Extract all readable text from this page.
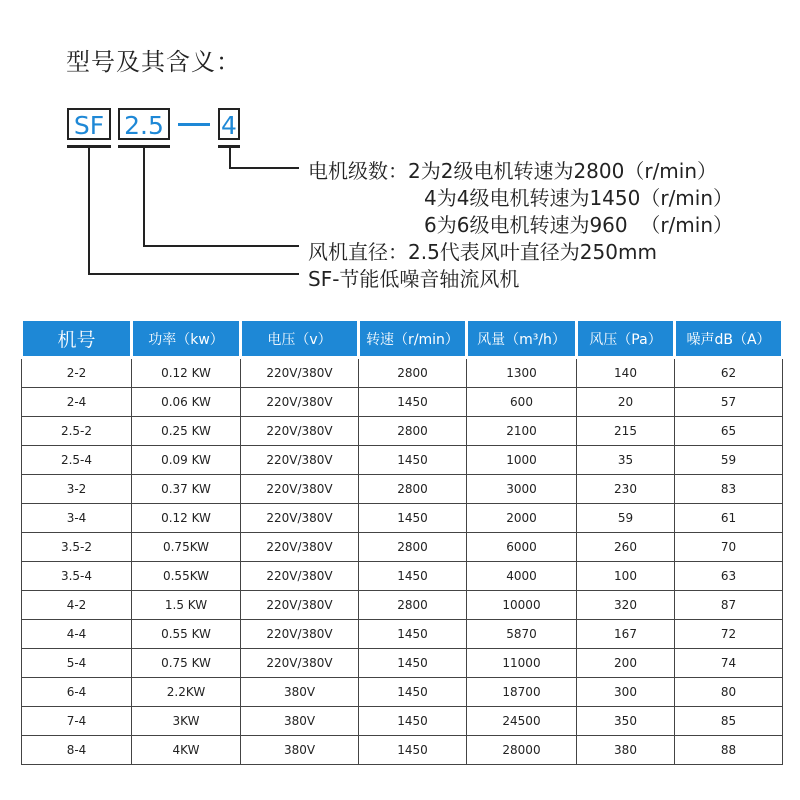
型号及其含义：
SF 2.5 4
电机级数：2为2级电机转速为2800（r/min）
4为4级电机转速为1450（r/min）
6为6级电机转速为960  （r/min）
风机直径：2.5代表风叶直径为250mm
SF-节能低噪音轴流风机
机号	功率（kw）	电压（v）	转速（r/min）	风量（m³/h）	风压（Pa）	噪声dB（A）
2-2	0.12 KW	220V/380V	2800	1300	140	62
2-4	0.06 KW	220V/380V	1450	600	20	57
2.5-2	0.25 KW	220V/380V	2800	2100	215	65
2.5-4	0.09 KW	220V/380V	1450	1000	35	59
3-2	0.37 KW	220V/380V	2800	3000	230	83
3-4	0.12 KW	220V/380V	1450	2000	59	61
3.5-2	0.75KW	220V/380V	2800	6000	260	70
3.5-4	0.55KW	220V/380V	1450	4000	100	63
4-2	1.5 KW	220V/380V	2800	10000	320	87
4-4	0.55 KW	220V/380V	1450	5870	167	72
5-4	0.75 KW	220V/380V	1450	11000	200	74
6-4	2.2KW	380V	1450	18700	300	80
7-4	3KW	380V	1450	24500	350	85
8-4	4KW	380V	1450	28000	380	88
